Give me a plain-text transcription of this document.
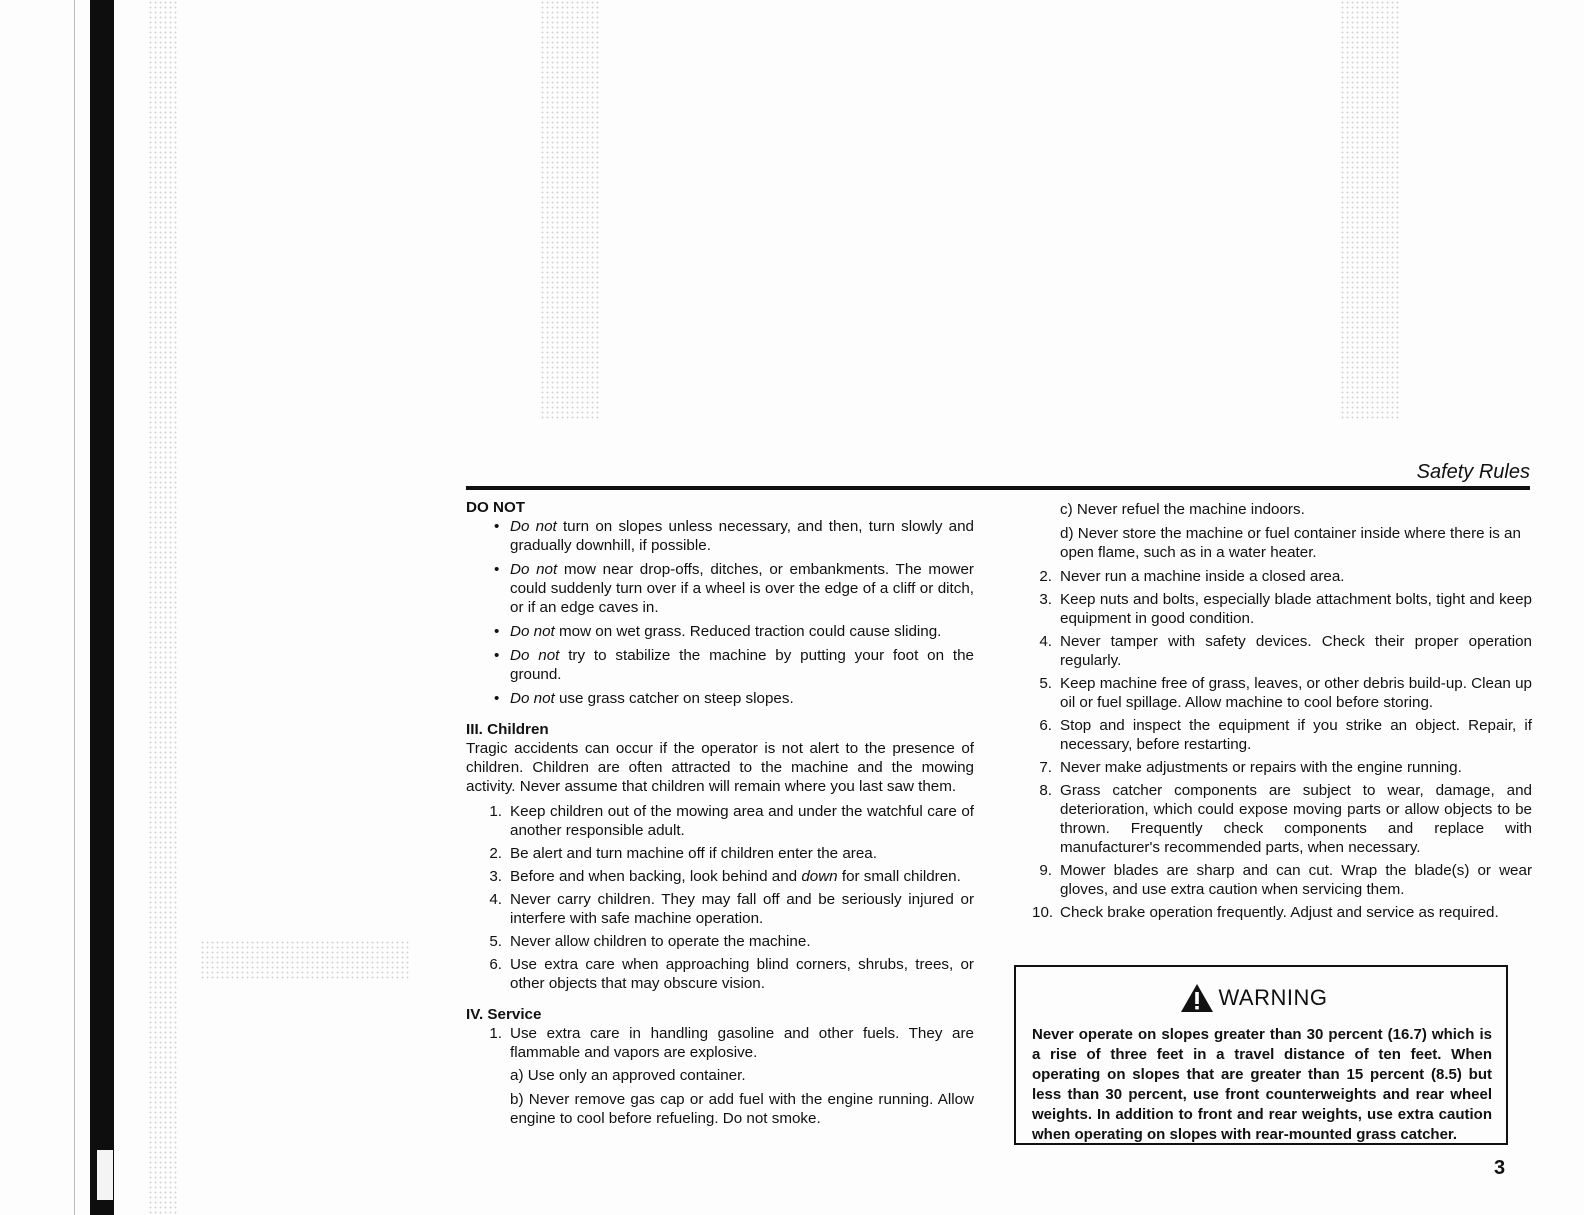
Safety Rules

DO NOT

• Do not turn on slopes unless necessary, and then, turn slowly and gradually downhill, if possible.
• Do not mow near drop-offs, ditches, or embankments. The mower could suddenly turn over if a wheel is over the edge of a cliff or ditch, or if an edge caves in.
• Do not mow on wet grass. Reduced traction could cause sliding.
• Do not try to stabilize the machine by putting your foot on the ground.
• Do not use grass catcher on steep slopes.

III. Children

Tragic accidents can occur if the operator is not alert to the presence of children. Children are often attracted to the machine and the mowing activity. Never assume that children will remain where you last saw them.

1. Keep children out of the mowing area and under the watchful care of another responsible adult.
2. Be alert and turn machine off if children enter the area.
3. Before and when backing, look behind and down for small children.
4. Never carry children. They may fall off and be seriously injured or interfere with safe machine operation.
5. Never allow children to operate the machine.
6. Use extra care when approaching blind corners, shrubs, trees, or other objects that may obscure vision.

IV. Service

1. Use extra care in handling gasoline and other fuels. They are flammable and vapors are explosive.

a) Use only an approved container.

b) Never remove gas cap or add fuel with the engine running. Allow engine to cool before refueling. Do not smoke.

c) Never refuel the machine indoors.

d) Never store the machine or fuel container inside where there is an open flame, such as in a water heater.

2. Never run a machine inside a closed area.
3. Keep nuts and bolts, especially blade attachment bolts, tight and keep equipment in good condition.
4. Never tamper with safety devices. Check their proper operation regularly.
5. Keep machine free of grass, leaves, or other debris build-up. Clean up oil or fuel spillage. Allow machine to cool before storing.
6. Stop and inspect the equipment if you strike an object. Repair, if necessary, before restarting.
7. Never make adjustments or repairs with the engine running.
8. Grass catcher components are subject to wear, damage, and deterioration, which could expose moving parts or allow objects to be thrown. Frequently check components and replace with manufacturer's recommended parts, when necessary.
9. Mower blades are sharp and can cut. Wrap the blade(s) or wear gloves, and use extra caution when servicing them.
10. Check brake operation frequently. Adjust and service as required.
WARNING
Never operate on slopes greater than 30 percent (16.7) which is a rise of three feet in a travel distance of ten feet. When operating on slopes that are greater than 15 percent (8.5) but less than 30 percent, use front counterweights and rear wheel weights. In addition to front and rear weights, use extra caution when operating on slopes with rear-mounted grass catcher.
3
